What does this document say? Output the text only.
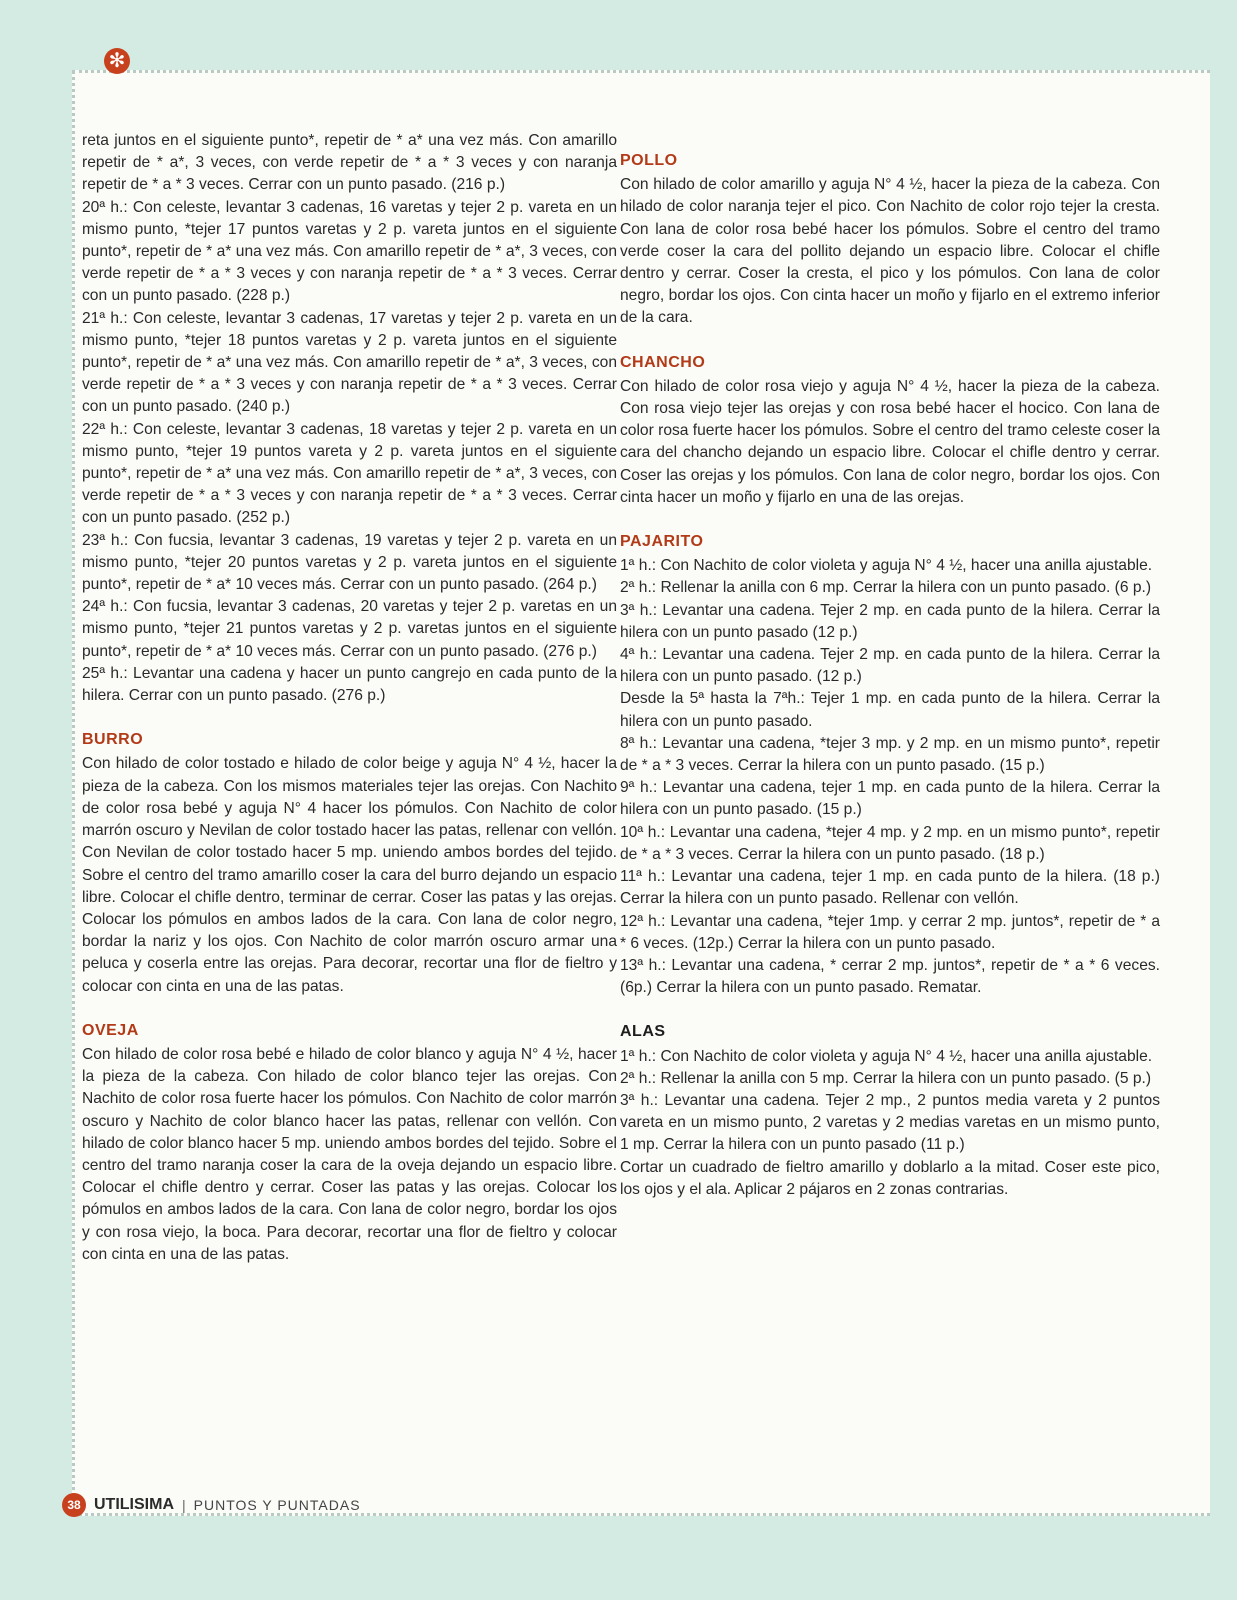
✻

reta juntos en el siguiente punto*, repetir de * a* una vez más. Con amarillo repetir de * a*, 3 veces, con verde repetir de * a * 3 veces y con naranja repetir de * a * 3 veces. Cerrar con un punto pasado. (216 p.)

20ª h.: Con celeste, levantar 3 cadenas, 16 varetas y tejer 2 p. vareta en un mismo punto, *tejer 17 puntos varetas y 2 p. vareta juntos en el siguiente punto*, repetir de * a* una vez más. Con amarillo repetir de * a*, 3 veces, con verde repetir de * a * 3 veces y con naranja repetir de * a * 3 veces. Cerrar con un punto pasado. (228 p.)

21ª h.: Con celeste, levantar 3 cadenas, 17 varetas y tejer 2 p. vareta en un mismo punto, *tejer 18 puntos varetas y 2 p. vareta juntos en el siguiente punto*, repetir de * a* una vez más. Con amarillo repetir de * a*, 3 veces, con verde repetir de * a * 3 veces y con naranja repetir de * a * 3 veces. Cerrar con un punto pasado. (240 p.)

22ª h.: Con celeste, levantar 3 cadenas, 18 varetas y tejer 2 p. vareta en un mismo punto, *tejer 19 puntos vareta y 2 p. vareta juntos en el siguiente punto*, repetir de * a* una vez más. Con amarillo repetir de * a*, 3 veces, con verde repetir de * a * 3 veces y con naranja repetir de * a * 3 veces. Cerrar con un punto pasado. (252 p.)

23ª h.: Con fucsia, levantar 3 cadenas, 19 varetas y tejer 2 p. vareta en un mismo punto, *tejer 20 puntos varetas y 2 p. vareta juntos en el siguiente punto*, repetir de * a* 10 veces más. Cerrar con un punto pasado. (264 p.)

24ª h.: Con fucsia, levantar 3 cadenas, 20 varetas y tejer 2 p. varetas en un mismo punto, *tejer 21 puntos varetas y 2 p. varetas juntos en el siguiente punto*, repetir de * a* 10 veces más. Cerrar con un punto pasado. (276 p.)

25ª h.: Levantar una cadena y hacer un punto cangrejo en cada punto de la hilera. Cerrar con un punto pasado. (276 p.)

BURRO

Con hilado de color tostado e hilado de color beige y aguja N° 4 ½, hacer la pieza de la cabeza. Con los mismos materiales tejer las orejas. Con Nachito de color rosa bebé y aguja N° 4 hacer los pómulos. Con Nachito de color marrón oscuro y Nevilan de color tostado hacer las patas, rellenar con vellón. Con Nevilan de color tostado hacer 5 mp. uniendo ambos bordes del tejido. Sobre el centro del tramo amarillo coser la cara del burro dejando un espacio libre. Colocar el chifle dentro, terminar de cerrar. Coser las patas y las orejas. Colocar los pómulos en ambos lados de la cara. Con lana de color negro, bordar la nariz y los ojos. Con Nachito de color marrón oscuro armar una peluca y coserla entre las orejas. Para decorar, recortar una flor de fieltro y colocar con cinta en una de las patas.

OVEJA

Con hilado de color rosa bebé e hilado de color blanco y aguja N° 4 ½, hacer la pieza de la cabeza. Con hilado de color blanco tejer las orejas. Con Nachito de color rosa fuerte hacer los pómulos. Con Nachito de color marrón oscuro y Nachito de color blanco hacer las patas, rellenar con vellón. Con hilado de color blanco hacer 5 mp. uniendo ambos bordes del tejido. Sobre el centro del tramo naranja coser la cara de la oveja dejando un espacio libre. Colocar el chifle dentro y cerrar. Coser las patas y las orejas. Colocar los pómulos en ambos lados de la cara. Con lana de color negro, bordar los ojos y con rosa viejo, la boca. Para decorar, recortar una flor de fieltro y colocar con cinta en una de las patas.

POLLO

Con hilado de color amarillo y aguja N° 4 ½, hacer la pieza de la cabeza. Con hilado de color naranja tejer el pico. Con Nachito de color rojo tejer la cresta. Con lana de color rosa bebé hacer los pómulos. Sobre el centro del tramo verde coser la cara del pollito dejando un espacio libre. Colocar el chifle dentro y cerrar. Coser la cresta, el pico y los pómulos. Con lana de color negro, bordar los ojos. Con cinta hacer un moño y fijarlo en el extremo inferior de la cara.

CHANCHO

Con hilado de color rosa viejo y aguja N° 4 ½, hacer la pieza de la cabeza. Con rosa viejo tejer las orejas y con rosa bebé hacer el hocico. Con lana de color rosa fuerte hacer los pómulos. Sobre el centro del tramo celeste coser la cara del chancho dejando un espacio libre. Colocar el chifle dentro y cerrar. Coser las orejas y los pómulos. Con lana de color negro, bordar los ojos. Con cinta hacer un moño y fijarlo en una de las orejas.

PAJARITO

1ª h.: Con Nachito de color violeta y aguja N° 4 ½, hacer una anilla ajustable.

2ª h.: Rellenar la anilla con 6 mp. Cerrar la hilera con un punto pasado. (6 p.)

3ª h.: Levantar una cadena. Tejer 2 mp. en cada punto de la hilera. Cerrar la hilera con un punto pasado (12 p.)

4ª h.: Levantar una cadena. Tejer 2 mp. en cada punto de la hilera. Cerrar la hilera con un punto pasado. (12 p.)

Desde la 5ª hasta la 7ªh.: Tejer 1 mp. en cada punto de la hilera. Cerrar la hilera con un punto pasado.

8ª h.: Levantar una cadena, *tejer 3 mp. y 2 mp. en un mismo punto*, repetir de * a * 3 veces. Cerrar la hilera con un punto pasado. (15 p.)

9ª h.: Levantar una cadena, tejer 1 mp. en cada punto de la hilera. Cerrar la hilera con un punto pasado. (15 p.)

10ª h.: Levantar una cadena, *tejer 4 mp. y 2 mp. en un mismo punto*, repetir de * a * 3 veces. Cerrar la hilera con un punto pasado. (18 p.)

11ª h.: Levantar una cadena, tejer 1 mp. en cada punto de la hilera. (18 p.) Cerrar la hilera con un punto pasado. Rellenar con vellón.

12ª h.: Levantar una cadena, *tejer 1mp. y cerrar 2 mp. juntos*, repetir de * a * 6 veces. (12p.) Cerrar la hilera con un punto pasado.

13ª h.: Levantar una cadena, * cerrar 2 mp. juntos*, repetir de * a * 6 veces. (6p.) Cerrar la hilera con un punto pasado. Rematar.

ALAS

1ª h.: Con Nachito de color violeta y aguja N° 4 ½, hacer una anilla ajustable.

2ª h.: Rellenar la anilla con 5 mp. Cerrar la hilera con un punto pasado. (5 p.)

3ª h.: Levantar una cadena. Tejer 2 mp., 2 puntos media vareta y 2 puntos vareta en un mismo punto, 2 varetas y 2 medias varetas en un mismo punto, 1 mp. Cerrar la hilera con un punto pasado (11 p.)

Cortar un cuadrado de fieltro amarillo y doblarlo a la mitad. Coser este pico, los ojos y el ala. Aplicar 2 pájaros en 2 zonas contrarias.

38 UTILISIMA | PUNTOS Y PUNTADAS
